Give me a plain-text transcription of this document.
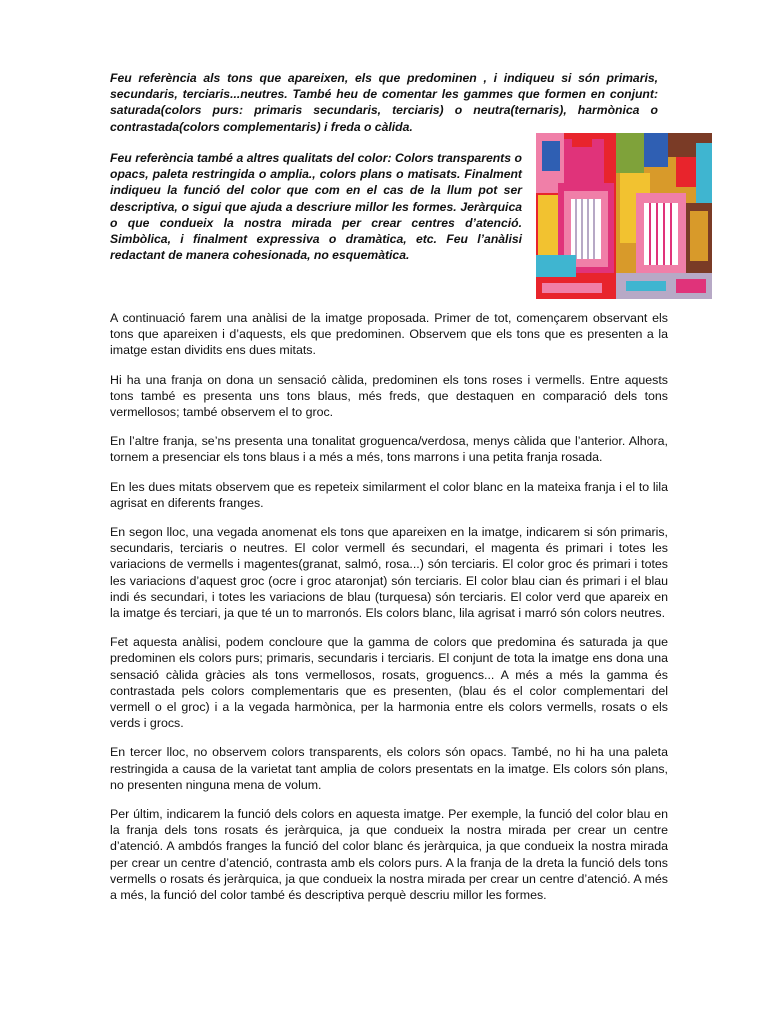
Feu referència als tons que apareixen, els que predominen , i indiqueu si són primaris, secundaris, terciaris...neutres. També heu de comentar les gammes que formen en conjunt: saturada(colors purs: primaris secundaris, terciaris) o neutra(ternaris), harmònica o contrastada(colors complementaris) i freda o càlida.

Feu referència també a altres qualitats del color: Colors transparents o opacs, paleta restringida o amplia., colors plans o matisats. Finalment indiqueu la funció del color que com en el cas de la llum pot ser descriptiva, o sigui que ajuda a descriure millor les formes. Jeràrquica o que condueix la nostra mirada per crear centres d’atenció. Simbòlica, i finalment expressiva o dramàtica, etc. Feu l’anàlisi redactant de manera cohesionada, no esquemàtica.

A continuació farem una anàlisi de la imatge proposada. Primer de tot, començarem observant els tons que apareixen i d’aquests, els que predominen. Observem que els tons que es presenten a la imatge estan dividits ens dues mitats.

Hi ha una franja on dona un sensació càlida, predominen els tons roses i vermells. Entre aquests tons també es presenta uns tons blaus, més freds, que destaquen en comparació dels tons vermellosos; també observem el to groc.

En l’altre franja, se’ns presenta una tonalitat groguenca/verdosa, menys càlida que l’anterior. Alhora, tornem a presenciar els tons blaus i a més a més, tons marrons i una petita franja rosada.

En les dues mitats observem que es repeteix similarment el color blanc en la mateixa franja i el to lila agrisat en diferents franges.

En segon lloc, una vegada anomenat els tons que apareixen en la imatge, indicarem si són primaris, secundaris, terciaris o neutres. El color vermell és secundari, el magenta és primari i totes les variacions de vermells i magentes(granat, salmó, rosa...) són terciaris. El color groc és primari i totes les variacions d’aquest groc (ocre i groc ataronjat) són terciaris. El color blau cian és primari i el blau indi és secundari, i totes les variacions de blau (turquesa) són terciaris. El color verd que apareix en la imatge és terciari, ja que té un to marronós. Els colors blanc, lila agrisat i marró són colors neutres.

Fet aquesta anàlisi, podem concloure que la gamma de colors que predomina és saturada ja que predominen els colors purs; primaris, secundaris i terciaris. El conjunt de tota la imatge ens dona una sensació càlida gràcies als tons vermellosos, rosats, groguencs... A més a més la gamma és contrastada pels colors complementaris que es presenten, (blau és el color complementari del vermell o el groc) i a la vegada harmònica, per la harmonia entre els colors vermells, rosats o els verds i grocs.

En tercer lloc, no observem colors transparents, els colors són opacs. També, no hi ha una paleta restringida a causa de la varietat tant amplia de colors presentats en la imatge. Els colors són plans, no presenten ninguna mena de volum.

Per últim, indicarem la funció dels colors en aquesta imatge. Per exemple, la funció del color blau en la franja dels tons rosats és jeràrquica, ja que condueix la nostra mirada per crear un centre d’atenció. A ambdós franges la funció del color blanc és jeràrquica, ja que condueix la nostra mirada per crear un centre d’atenció, contrasta amb els colors purs. A la franja de la dreta la funció dels tons vermells o rosats és jeràrquica, ja que condueix la nostra mirada per crear un centre d’atenció. A més a més, la funció del color també és descriptiva perquè descriu millor les formes.
